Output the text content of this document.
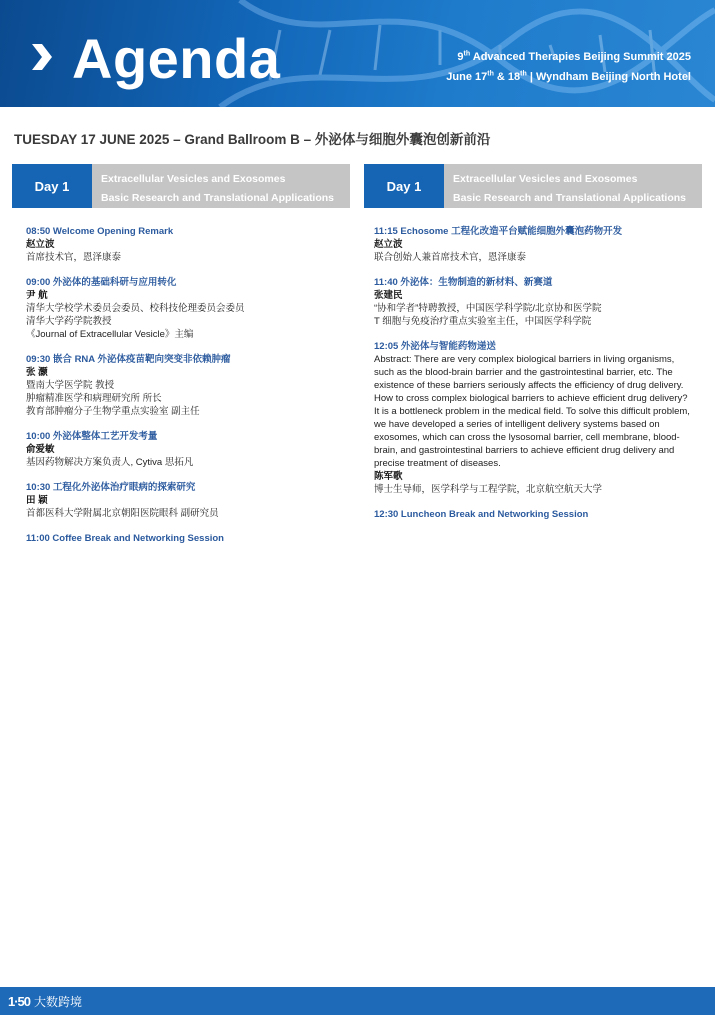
Agenda	9th Advanced Therapies Beijing Summit 2025
June 17th & 18th | Wyndham Beijing North Hotel
TUESDAY 17 JUNE 2025 – Grand Ballroom B – 外泌体与细胞外囊泡创新前沿
Day 1	Extracellular Vesicles and Exosomes
Basic Research and Translational Applications
Day 1	Extracellular Vesicles and Exosomes
Basic Research and Translational Applications
08:50 Welcome Opening Remark
赵立波
首席技术官，恩泽康泰
09:00 外泌体的基础科研与应用转化
尹 航
清华大学校学术委员会委员、校科技伦理委员会委员
清华大学药学院教授
《Journal of Extracellular Vesicle》主编
09:30 嵌合 RNA 外泌体疫苗靶向突变非依赖肿瘤
张 灏
暨南大学医学院 教授
肿瘤精准医学和病理研究所 所长
教育部肿瘤分子生物学重点实验室 副主任
10:00 外泌体整体工艺开发考量
俞爱敏
基因药物解决方案负责人, Cytiva 思拓凡
10:30 工程化外泌体治疗眼病的探索研究
田 颖
首都医科大学附属北京朝阳医院眼科 副研究员
11:00 Coffee Break and Networking Session
11:15 Echosome 工程化改造平台赋能细胞外囊泡药物开发
赵立波
联合创始人兼首席技术官，恩泽康泰
11:40 外泌体：生物制造的新材料、新赛道
张建民
“协和学者”特聘教授，中国医学科学院/北京协和医学院
T 细胞与免疫治疗重点实验室主任，中国医学科学院
12:05 外泌体与智能药物递送
Abstract: There are very complex biological barriers in living organisms, such as the blood-brain barrier and the gastrointestinal barrier, etc. The existence of these barriers seriously affects the efficiency of drug delivery. How to cross complex biological barriers to achieve efficient drug delivery? It is a bottleneck problem in the medical field. To solve this difficult problem, we have developed a series of intelligent delivery systems based on exosomes, which can cross the lysosomal barrier, cell membrane, blood-brain, and gastrointestinal barriers to achieve efficient drug delivery and precise treatment of diseases.
陈军歌
博士生导师，医学科学与工程学院，北京航空航天大学
12:30 Luncheon Break and Networking Session
1·50 大数跨境
